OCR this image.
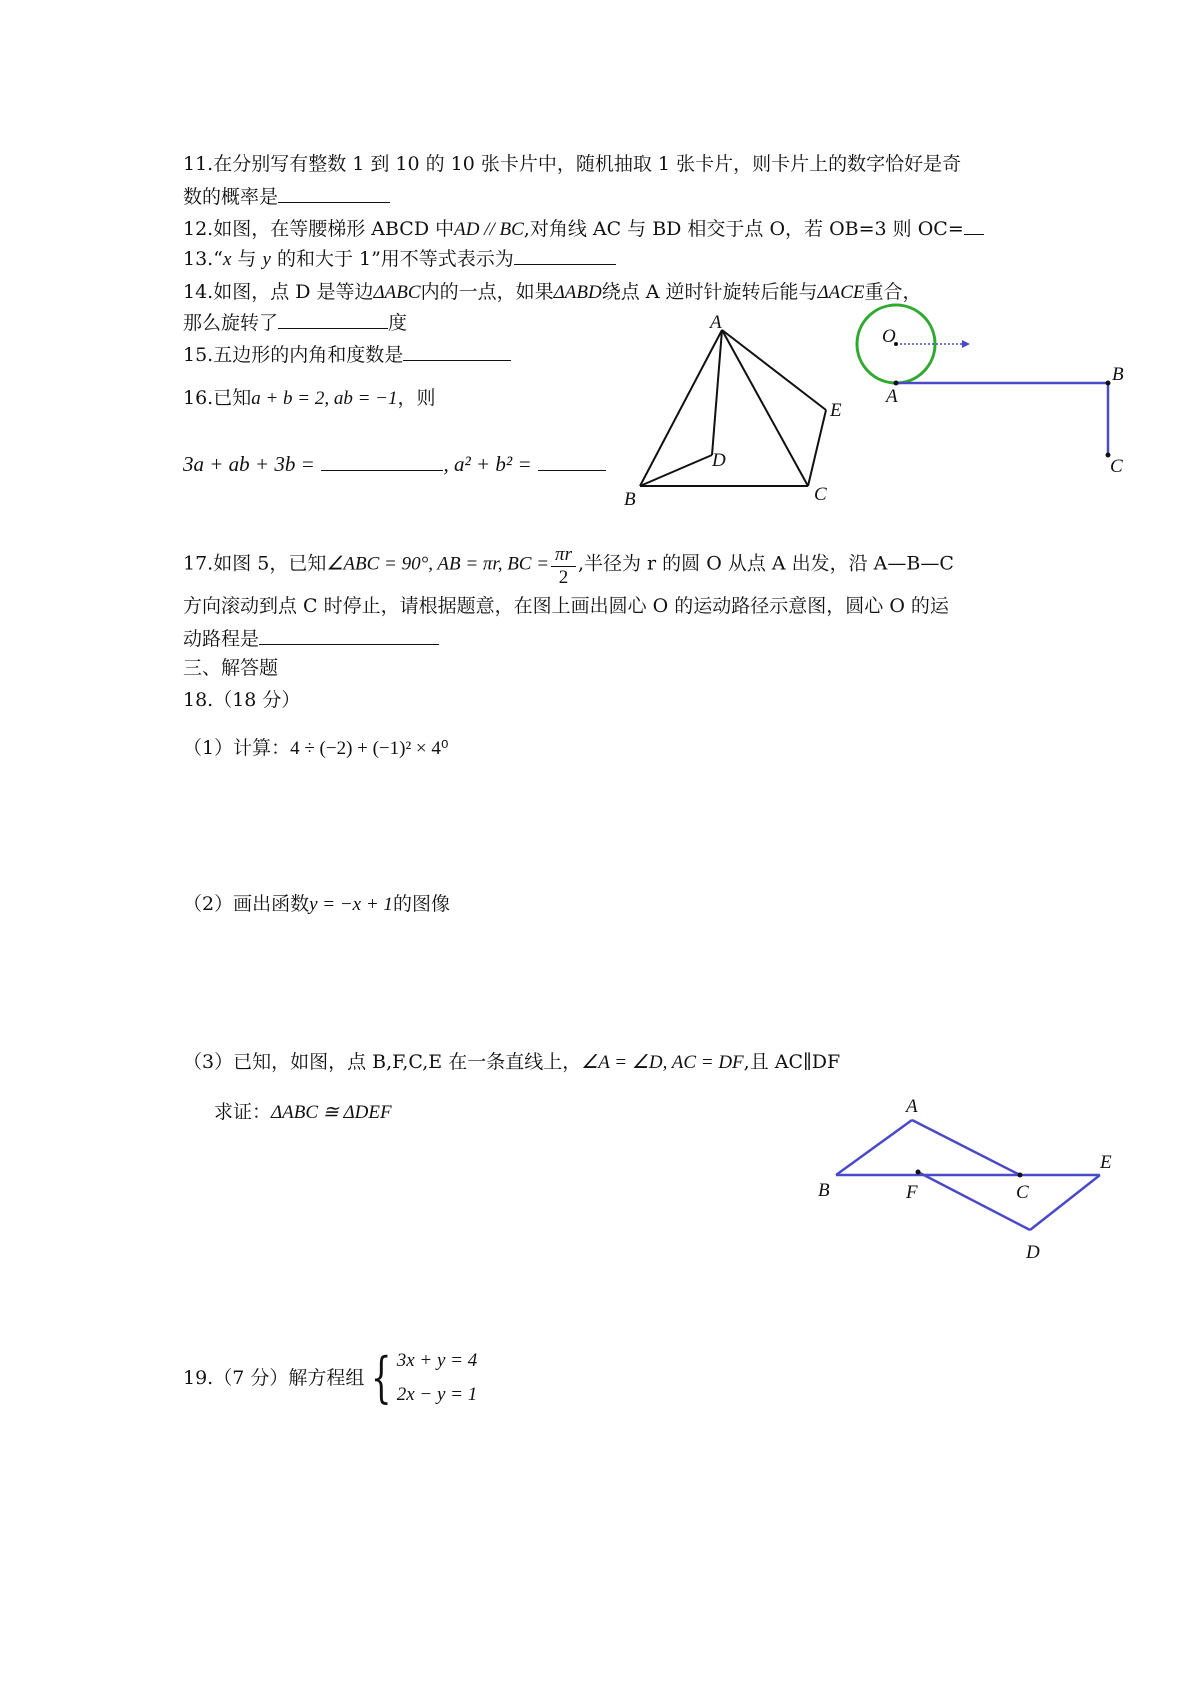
11.在分别写有整数 1 到 10 的 10 张卡片中，随机抽取 1 张卡片，则卡片上的数字恰好是奇
数的概率是
12.如图，在等腰梯形 ABCD 中AD // BC,对角线 AC 与 BD 相交于点 O，若 OB=3 则 OC=
13.“x 与 y 的和大于 1”用不等式表示为
14.如图，点 D 是等边ΔABC内的一点，如果ΔABD绕点 A 逆时针旋转后能与ΔACE重合，
那么旋转了	度
15.五边形的内角和度数是
16.已知a + b = 2, ab = −1，则
3a + ab + 3b =	, a² + b² =
A
B	C
D
E
O
A
B
C
17.如图 5，已知∠ABC = 90°, AB = πr, BC = $\frac{\pi r}{2}$ ,半径为 r 的圆 O 从点 A 出发，沿 A—B—C
方向滚动到点 C 时停止，请根据题意，在图上画出圆心 O 的运动路径示意图，圆心 O 的运
动路程是
三、解答题
18.（18 分）
（1）计算：4 ÷ (−2) + (−1)² × 4⁰
（2）画出函数y = −x + 1的图像
（3）已知，如图，点 B,F,C,E 在一条直线上，∠A = ∠D, AC = DF,且 AC∥DF
求证：ΔABC ≅ ΔDEF	A
B	F	C
E
D
19.（7 分）解方程组 { 3x + y = 4
2x − y = 1
